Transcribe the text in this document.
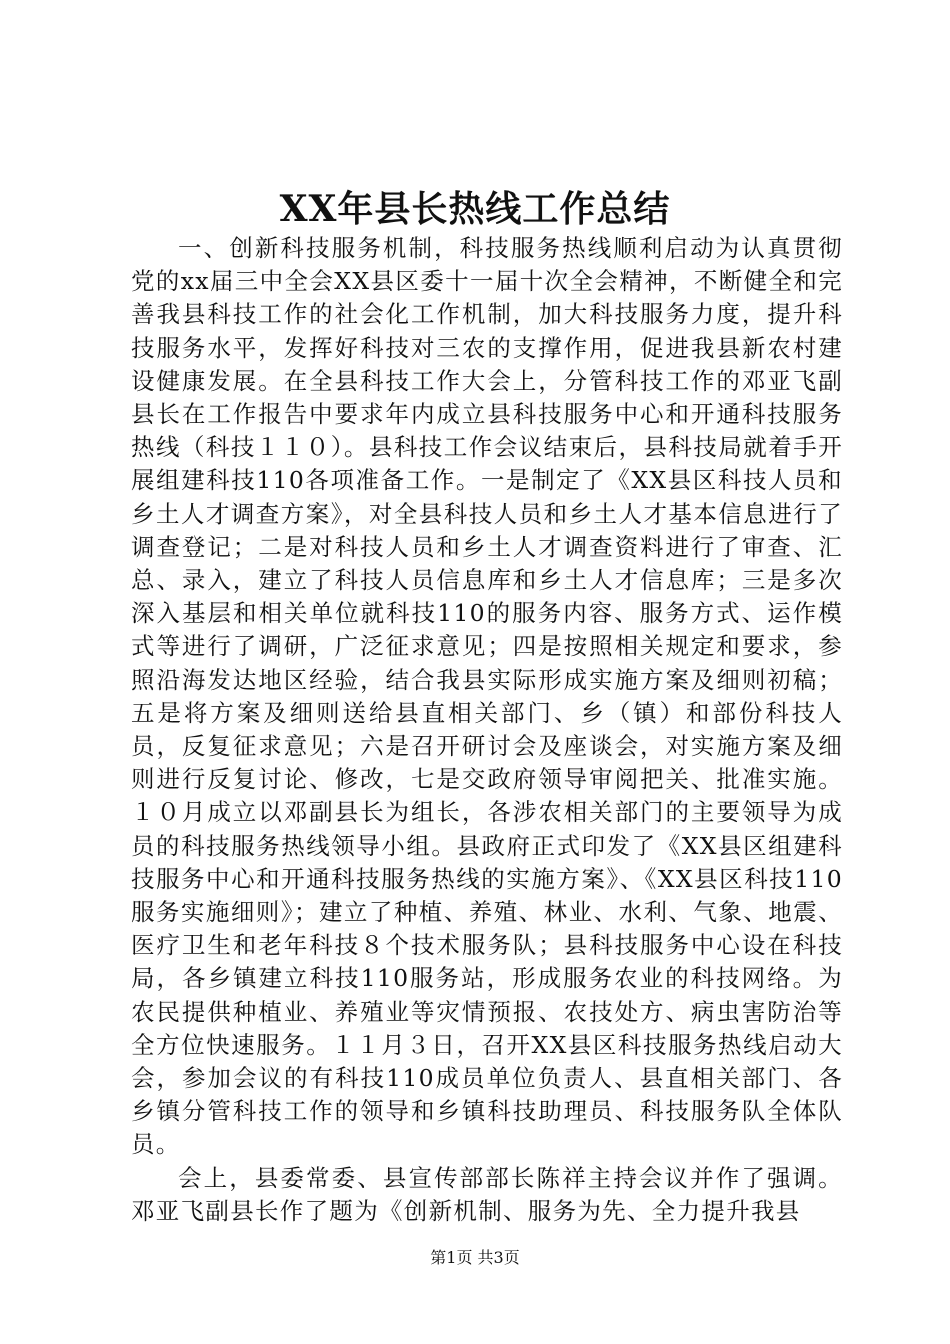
XX年县长热线工作总结

一、创新科技服务机制，科技服务热线顺利启动为认真贯彻党的xx届三中全会XX县区委十一届十次全会精神，不断健全和完善我县科技工作的社会化工作机制，加大科技服务力度，提升科技服务水平，发挥好科技对三农的支撑作用，促进我县新农村建设健康发展。在全县科技工作大会上，分管科技工作的邓亚飞副县长在工作报告中要求年内成立县科技服务中心和开通科技服务热线（科技１１０）。县科技工作会议结束后，县科技局就着手开展组建科技110各项准备工作。一是制定了《XX县区科技人员和乡土人才调查方案》，对全县科技人员和乡土人才基本信息进行了调查登记；二是对科技人员和乡土人才调查资料进行了审查、汇总、录入，建立了科技人员信息库和乡土人才信息库；三是多次深入基层和相关单位就科技110的服务内容、服务方式、运作模式等进行了调研，广泛征求意见；四是按照相关规定和要求，参照沿海发达地区经验，结合我县实际形成实施方案及细则初稿；五是将方案及细则送给县直相关部门、乡（镇）和部份科技人员，反复征求意见；六是召开研讨会及座谈会，对实施方案及细则进行反复讨论、修改，七是交政府领导审阅把关、批准实施。１０月成立以邓副县长为组长，各涉农相关部门的主要领导为成员的科技服务热线领导小组。县政府正式印发了《XX县区组建科技服务中心和开通科技服务热线的实施方案》、《XX县区科技110服务实施细则》；建立了种植、养殖、林业、水利、气象、地震、医疗卫生和老年科技８个技术服务队；县科技服务中心设在科技局，各乡镇建立科技110服务站，形成服务农业的科技网络。为农民提供种植业、养殖业等灾情预报、农技处方、病虫害防治等全方位快速服务。１１月３日，召开XX县区科技服务热线启动大会，参加会议的有科技110成员单位负责人、县直相关部门、各乡镇分管科技工作的领导和乡镇科技助理员、科技服务队全体队员。

会上，县委常委、县宣传部部长陈祥主持会议并作了强调。邓亚飞副县长作了题为《创新机制、服务为先、全力提升我县

第1页 共3页
